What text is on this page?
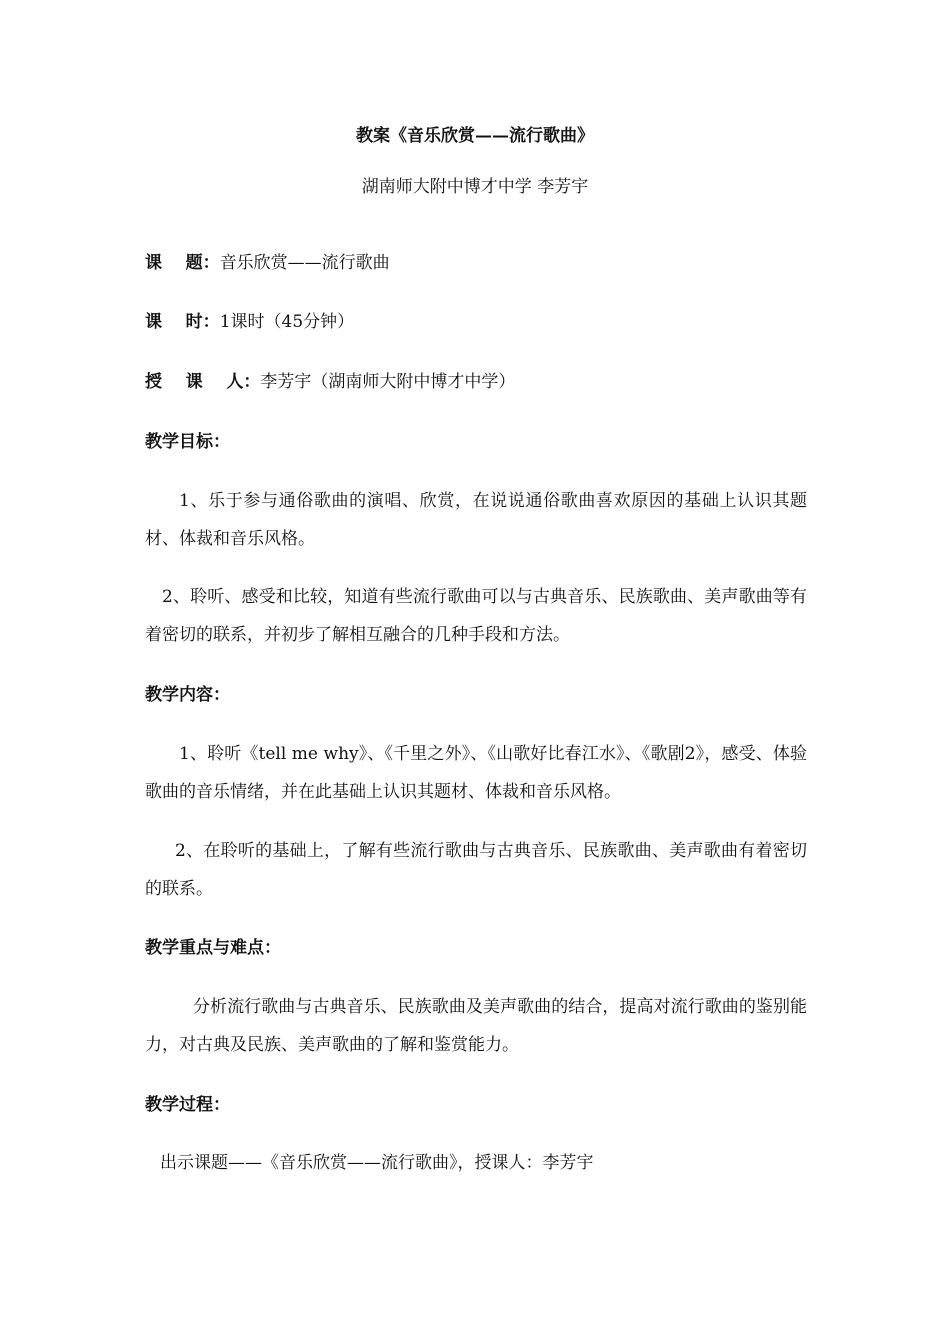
教案《音乐欣赏——流行歌曲》
湖南师大附中博才中学 李芳宇
课    题：音乐欣赏——流行歌曲
课    时：1课时（45分钟）
授    课    人：李芳宇（湖南师大附中博才中学）
教学目标：
1、乐于参与通俗歌曲的演唱、欣赏，在说说通俗歌曲喜欢原因的基础上认识其题材、体裁和音乐风格。
2、聆听、感受和比较，知道有些流行歌曲可以与古典音乐、民族歌曲、美声歌曲等有着密切的联系，并初步了解相互融合的几种手段和方法。
教学内容：
1、聆听《tell me why》、《千里之外》、《山歌好比春江水》、《歌剧2》，感受、体验歌曲的音乐情绪，并在此基础上认识其题材、体裁和音乐风格。
2、在聆听的基础上，了解有些流行歌曲与古典音乐、民族歌曲、美声歌曲有着密切的联系。
教学重点与难点：
分析流行歌曲与古典音乐、民族歌曲及美声歌曲的结合，提高对流行歌曲的鉴别能力，对古典及民族、美声歌曲的了解和鉴赏能力。
教学过程：
出示课题——《音乐欣赏——流行歌曲》，授课人：李芳宇
